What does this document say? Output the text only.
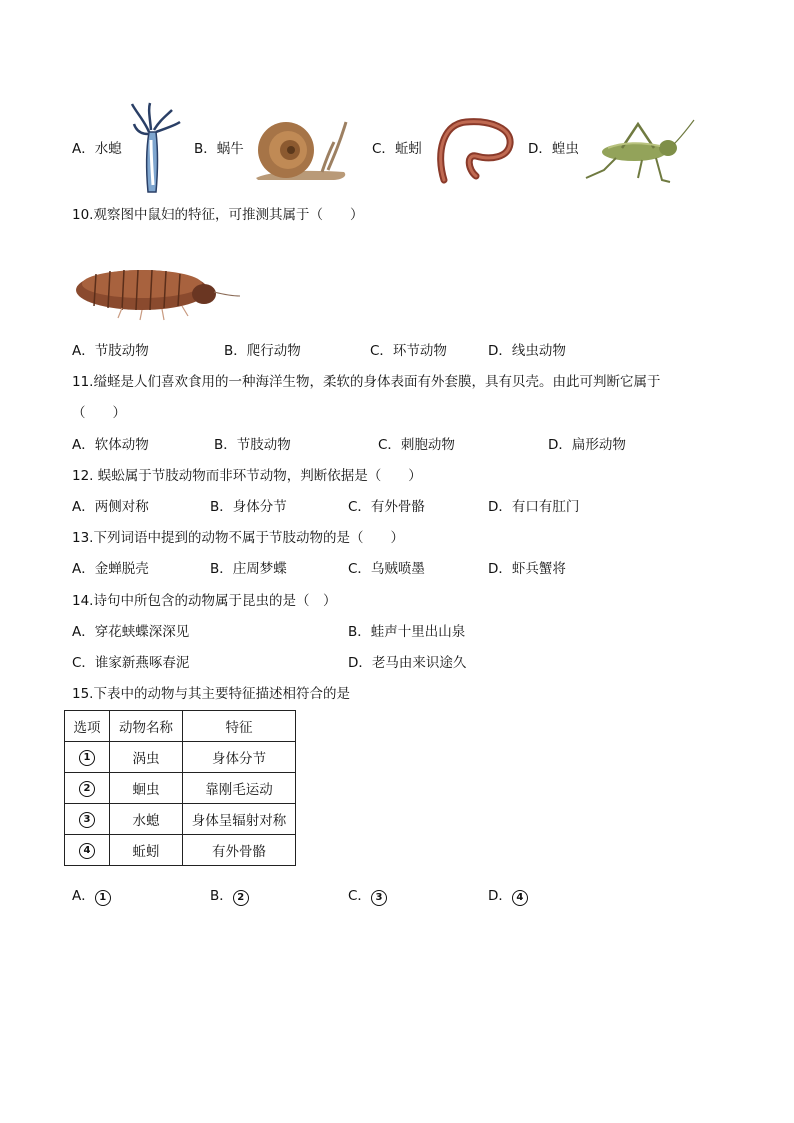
A．水螅	B．蜗牛	C．蚯蚓	D．蝗虫
10.观察图中鼠妇的特征，可推测其属于（　　）
A．节肢动物	B．爬行动物	C．环节动物	D．线虫动物
11.缢蛏是人们喜欢食用的一种海洋生物，柔软的身体表面有外套膜，具有贝壳。由此可判断它属于
（　　）
A．软体动物	B．节肢动物	C．刺胞动物	D．扁形动物
12. 蜈蚣属于节肢动物而非环节动物，判断依据是（　　）
A．两侧对称	B．身体分节	C．有外骨骼	D．有口有肛门
13.下列词语中提到的动物不属于节肢动物的是（　　）
A．金蝉脱壳	B．庄周梦蝶	C．乌贼喷墨	D．虾兵蟹将
14.诗句中所包含的动物属于昆虫的是（　）
A．穿花蛱蝶深深见	B．蛙声十里出山泉
C．谁家新燕啄春泥	D．老马由来识途久
15.下表中的动物与其主要特征描述相符合的是
选项	动物名称	特征
1	涡虫	身体分节
2	蛔虫	靠刚毛运动
3	水螅	身体呈辐射对称
4	蚯蚓	有外骨骼
A． 1	B． 2	C． 3	D． 4
